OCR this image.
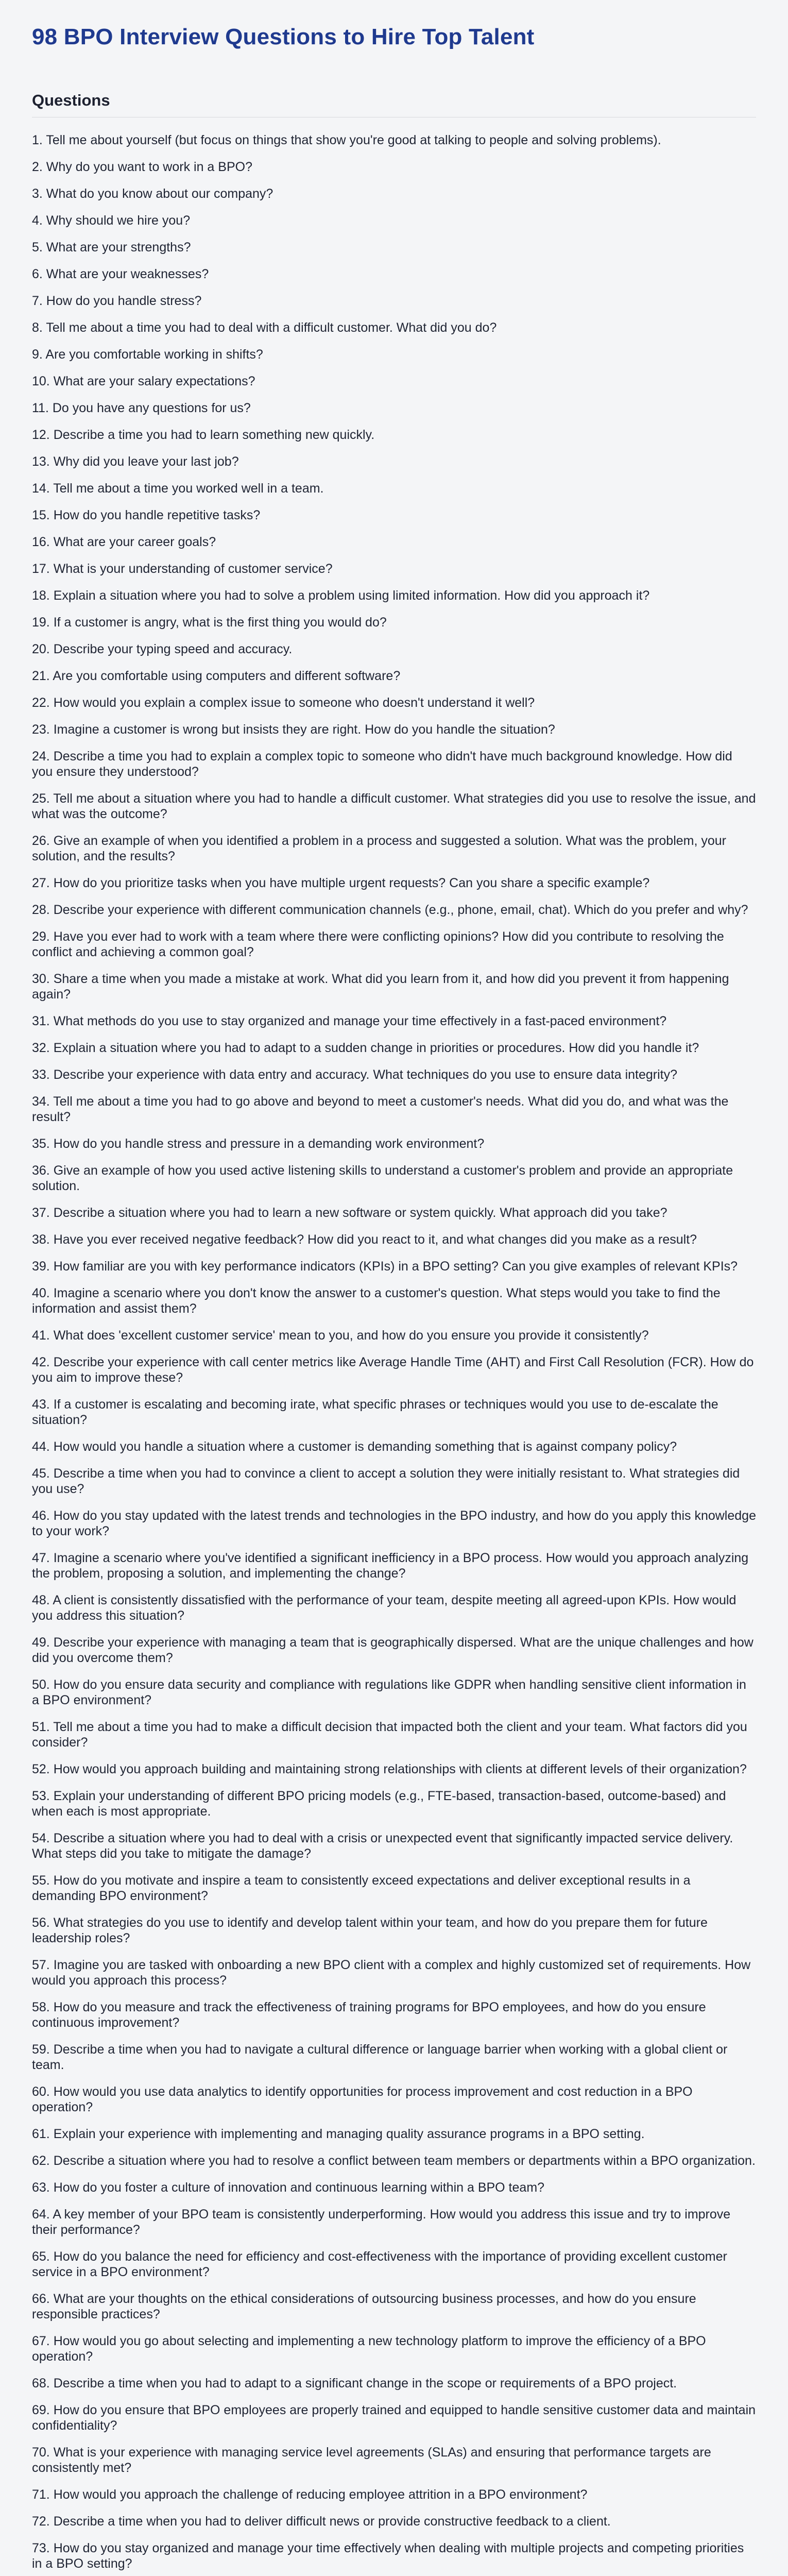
98 BPO Interview Questions to Hire Top Talent
Questions
1. Tell me about yourself (but focus on things that show you're good at talking to people and solving problems).
2. Why do you want to work in a BPO?
3. What do you know about our company?
4. Why should we hire you?
5. What are your strengths?
6. What are your weaknesses?
7. How do you handle stress?
8. Tell me about a time you had to deal with a difficult customer. What did you do?
9. Are you comfortable working in shifts?
10. What are your salary expectations?
11. Do you have any questions for us?
12. Describe a time you had to learn something new quickly.
13. Why did you leave your last job?
14. Tell me about a time you worked well in a team.
15. How do you handle repetitive tasks?
16. What are your career goals?
17. What is your understanding of customer service?
18. Explain a situation where you had to solve a problem using limited information. How did you approach it?
19. If a customer is angry, what is the first thing you would do?
20. Describe your typing speed and accuracy.
21. Are you comfortable using computers and different software?
22. How would you explain a complex issue to someone who doesn't understand it well?
23. Imagine a customer is wrong but insists they are right. How do you handle the situation?
24. Describe a time you had to explain a complex topic to someone who didn't have much background knowledge. How did you ensure they understood?
25. Tell me about a situation where you had to handle a difficult customer. What strategies did you use to resolve the issue, and what was the outcome?
26. Give an example of when you identified a problem in a process and suggested a solution. What was the problem, your solution, and the results?
27. How do you prioritize tasks when you have multiple urgent requests? Can you share a specific example?
28. Describe your experience with different communication channels (e.g., phone, email, chat). Which do you prefer and why?
29. Have you ever had to work with a team where there were conflicting opinions? How did you contribute to resolving the conflict and achieving a common goal?
30. Share a time when you made a mistake at work. What did you learn from it, and how did you prevent it from happening again?
31. What methods do you use to stay organized and manage your time effectively in a fast-paced environment?
32. Explain a situation where you had to adapt to a sudden change in priorities or procedures. How did you handle it?
33. Describe your experience with data entry and accuracy. What techniques do you use to ensure data integrity?
34. Tell me about a time you had to go above and beyond to meet a customer's needs. What did you do, and what was the result?
35. How do you handle stress and pressure in a demanding work environment?
36. Give an example of how you used active listening skills to understand a customer's problem and provide an appropriate solution.
37. Describe a situation where you had to learn a new software or system quickly. What approach did you take?
38. Have you ever received negative feedback? How did you react to it, and what changes did you make as a result?
39. How familiar are you with key performance indicators (KPIs) in a BPO setting? Can you give examples of relevant KPIs?
40. Imagine a scenario where you don't know the answer to a customer's question. What steps would you take to find the information and assist them?
41. What does 'excellent customer service' mean to you, and how do you ensure you provide it consistently?
42. Describe your experience with call center metrics like Average Handle Time (AHT) and First Call Resolution (FCR). How do you aim to improve these?
43. If a customer is escalating and becoming irate, what specific phrases or techniques would you use to de-escalate the situation?
44. How would you handle a situation where a customer is demanding something that is against company policy?
45. Describe a time when you had to convince a client to accept a solution they were initially resistant to. What strategies did you use?
46. How do you stay updated with the latest trends and technologies in the BPO industry, and how do you apply this knowledge to your work?
47. Imagine a scenario where you've identified a significant inefficiency in a BPO process. How would you approach analyzing the problem, proposing a solution, and implementing the change?
48. A client is consistently dissatisfied with the performance of your team, despite meeting all agreed-upon KPIs. How would you address this situation?
49. Describe your experience with managing a team that is geographically dispersed. What are the unique challenges and how did you overcome them?
50. How do you ensure data security and compliance with regulations like GDPR when handling sensitive client information in a BPO environment?
51. Tell me about a time you had to make a difficult decision that impacted both the client and your team. What factors did you consider?
52. How would you approach building and maintaining strong relationships with clients at different levels of their organization?
53. Explain your understanding of different BPO pricing models (e.g., FTE-based, transaction-based, outcome-based) and when each is most appropriate.
54. Describe a situation where you had to deal with a crisis or unexpected event that significantly impacted service delivery. What steps did you take to mitigate the damage?
55. How do you motivate and inspire a team to consistently exceed expectations and deliver exceptional results in a demanding BPO environment?
56. What strategies do you use to identify and develop talent within your team, and how do you prepare them for future leadership roles?
57. Imagine you are tasked with onboarding a new BPO client with a complex and highly customized set of requirements. How would you approach this process?
58. How do you measure and track the effectiveness of training programs for BPO employees, and how do you ensure continuous improvement?
59. Describe a time when you had to navigate a cultural difference or language barrier when working with a global client or team.
60. How would you use data analytics to identify opportunities for process improvement and cost reduction in a BPO operation?
61. Explain your experience with implementing and managing quality assurance programs in a BPO setting.
62. Describe a situation where you had to resolve a conflict between team members or departments within a BPO organization.
63. How do you foster a culture of innovation and continuous learning within a BPO team?
64. A key member of your BPO team is consistently underperforming. How would you address this issue and try to improve their performance?
65. How do you balance the need for efficiency and cost-effectiveness with the importance of providing excellent customer service in a BPO environment?
66. What are your thoughts on the ethical considerations of outsourcing business processes, and how do you ensure responsible practices?
67. How would you go about selecting and implementing a new technology platform to improve the efficiency of a BPO operation?
68. Describe a time when you had to adapt to a significant change in the scope or requirements of a BPO project.
69. How do you ensure that BPO employees are properly trained and equipped to handle sensitive customer data and maintain confidentiality?
70. What is your experience with managing service level agreements (SLAs) and ensuring that performance targets are consistently met?
71. How would you approach the challenge of reducing employee attrition in a BPO environment?
72. Describe a time when you had to deliver difficult news or provide constructive feedback to a client.
73. How do you stay organized and manage your time effectively when dealing with multiple projects and competing priorities in a BPO setting?
